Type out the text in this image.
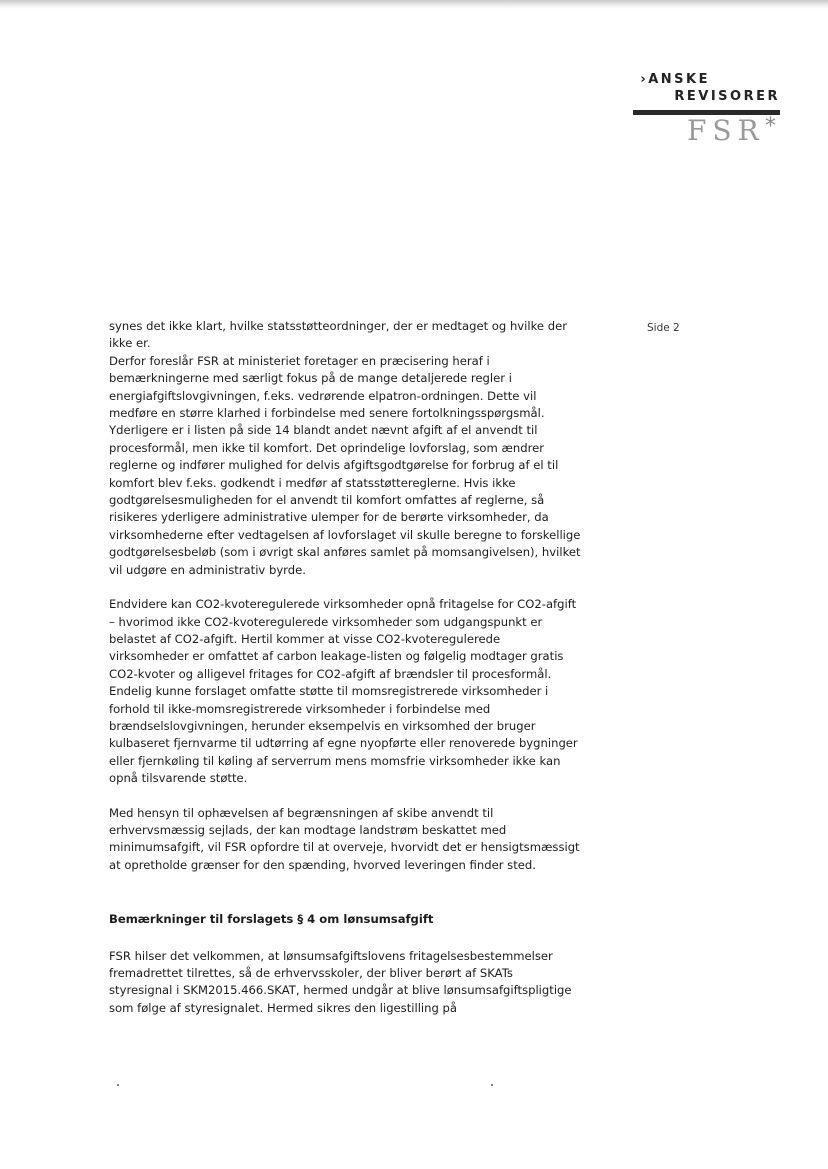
›ANSKE
REVISORER
FSR *
Side 2

synes det ikke klart, hvilke statsstøtteordninger, der er medtaget og hvilke der
ikke er.
Derfor foreslår FSR at ministeriet foretager en præcisering heraf i
bemærkningerne med særligt fokus på de mange detaljerede regler i
energiafgiftslovgivningen, f.eks. vedrørende elpatron-ordningen. Dette vil
medføre en større klarhed i forbindelse med senere fortolkningsspørgsmål.
Yderligere er i listen på side 14 blandt andet nævnt afgift af el anvendt til
procesformål, men ikke til komfort. Det oprindelige lovforslag, som ændrer
reglerne og indfører mulighed for delvis afgiftsgodtgørelse for forbrug af el til
komfort blev f.eks. godkendt i medfør af statsstøttereglerne. Hvis ikke
godtgørelsesmuligheden for el anvendt til komfort omfattes af reglerne, så
risikeres yderligere administrative ulemper for de berørte virksomheder, da
virksomhederne efter vedtagelsen af lovforslaget vil skulle beregne to forskellige
godtgørelsesbeløb (som i øvrigt skal anføres samlet på momsangivelsen), hvilket
vil udgøre en administrativ byrde.

Endvidere kan CO2-kvotereguleredе virksomheder opnå fritagelse for CO2-afgift
– hvorimod ikke CO2-kvoteregulerede virksomheder som udgangspunkt er
belastet af CO2-afgift. Hertil kommer at visse CO2-kvoteregulerede
virksomheder er omfattet af carbon leakage-listen og følgelig modtager gratis
CO2-kvoter og alligevel fritages for CO2-afgift af brændsler til procesformål.
Endelig kunne forslaget omfatte støtte til momsregistrerede virksomheder i
forhold til ikke-momsregistrerede virksomheder i forbindelse med
brændselslovgivningen, herunder eksempelvis en virksomhed der bruger
kulbaseret fjernvarme til udtørring af egne nyopførte eller renoverede bygninger
eller fjernkøling til køling af serverrum mens momsfrie virksomheder ikke kan
opnå tilsvarende støtte.

Med hensyn til ophævelsen af begrænsningen af skibe anvendt til
erhvervsmæssig sejlads, der kan modtage landstrøm beskattet med
minimumsafgift, vil FSR opfordre til at overveje, hvorvidt det er hensigtsmæssigt
at opretholde grænser for den spænding, hvorved leveringen finder sted.

Bemærkninger til forslagets § 4 om lønsumsafgift

FSR hilser det velkommen, at lønsumsafgiftslovens fritagelsesbestemmelser
fremadrettet tilrettes, så de erhvervsskoler, der bliver berørt af SKATs
styresignal i SKM2015.466.SKAT, hermed undgår at blive lønsumsafgiftspligtige
som følge af styresignalet. Hermed sikres den ligestilling på
